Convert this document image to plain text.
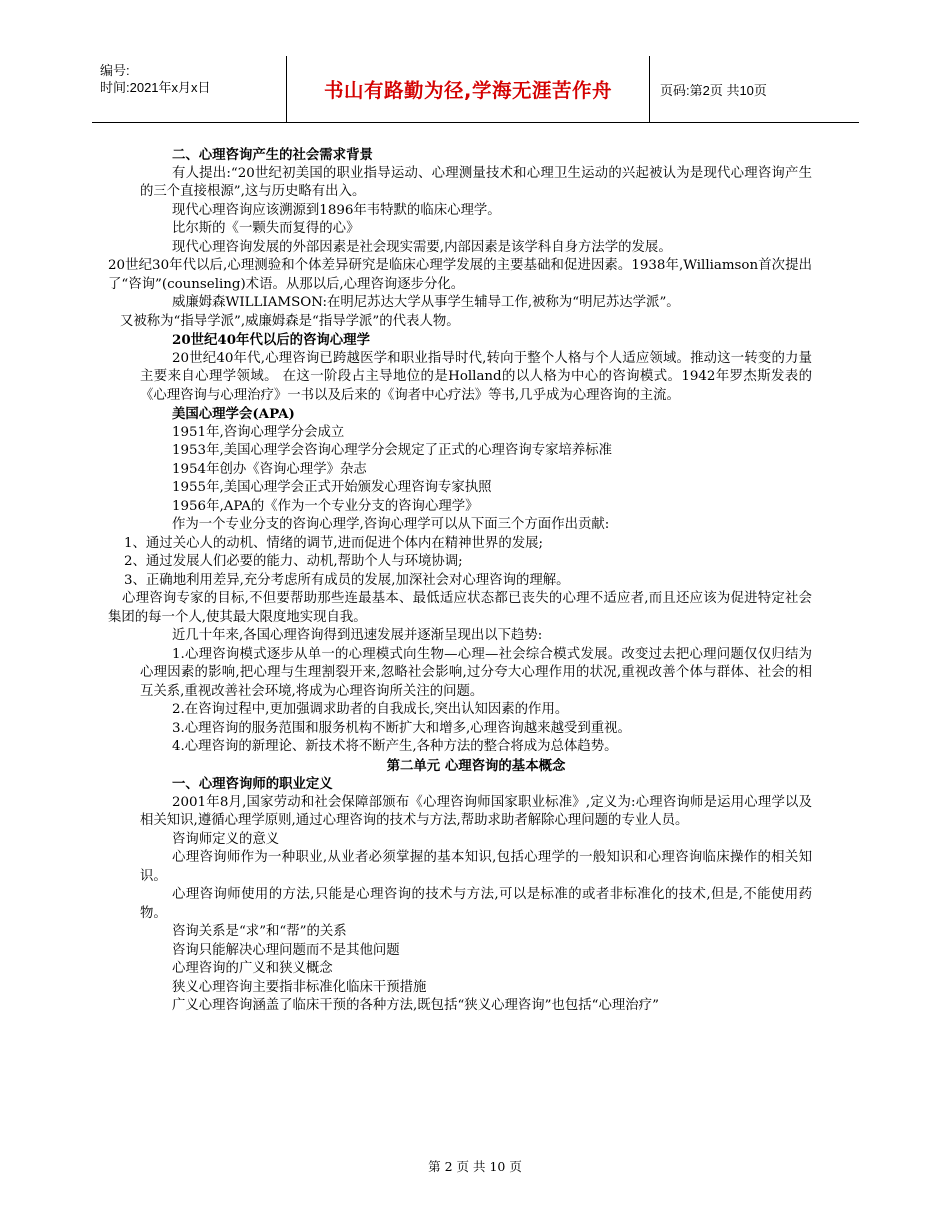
编号:
时间:2021年x月x日	书山有路勤为径,学海无涯苦作舟	页码:第2页 共10页

二、心理咨询产生的社会需求背景

有人提出:“20世纪初美国的职业指导运动、心理测量技术和心理卫生运动的兴起被认为是现代心理咨询产生的三个直接根源”,这与历史略有出入。

现代心理咨询应该溯源到1896年韦特默的临床心理学。

比尔斯的《一颗失而复得的心》

现代心理咨询发展的外部因素是社会现实需要,内部因素是该学科自身方法学的发展。

20世纪30年代以后,心理测验和个体差异研究是临床心理学发展的主要基础和促进因素。1938年,Williamson首次提出了“咨询”(counseling)术语。从那以后,心理咨询逐步分化。

威廉姆森WILLIAMSON:在明尼苏达大学从事学生辅导工作,被称为“明尼苏达学派”。

又被称为“指导学派”,威廉姆森是“指导学派”的代表人物。

20世纪40年代以后的咨询心理学

20世纪40年代,心理咨询已跨越医学和职业指导时代,转向于整个人格与个人适应领域。推动这一转变的力量主要来自心理学领域。 在这一阶段占主导地位的是Holland的以人格为中心的咨询模式。1942年罗杰斯发表的《心理咨询与心理治疗》一书以及后来的《询者中心疗法》等书,几乎成为心理咨询的主流。

美国心理学会(APA)

1951年,咨询心理学分会成立

1953年,美国心理学会咨询心理学分会规定了正式的心理咨询专家培养标准

1954年创办《咨询心理学》杂志

1955年,美国心理学会正式开始颁发心理咨询专家执照

1956年,APA的《作为一个专业分支的咨询心理学》

作为一个专业分支的咨询心理学,咨询心理学可以从下面三个方面作出贡献:

1、通过关心人的动机、情绪的调节,进而促进个体内在精神世界的发展;

2、通过发展人们必要的能力、动机,帮助个人与环境协调;

3、正确地利用差异,充分考虑所有成员的发展,加深社会对心理咨询的理解。

心理咨询专家的目标,不但要帮助那些连最基本、最低适应状态都已丧失的心理不适应者,而且还应该为促进特定社会集团的每一个人,使其最大限度地实现自我。

近几十年来,各国心理咨询得到迅速发展并逐渐呈现出以下趋势:

1.心理咨询模式逐步从单一的心理模式向生物—心理—社会综合模式发展。改变过去把心理问题仅仅归结为心理因素的影响,把心理与生理割裂开来,忽略社会影响,过分夸大心理作用的状况,重视改善个体与群体、社会的相互关系,重视改善社会环境,将成为心理咨询所关注的问题。

2.在咨询过程中,更加强调求助者的自我成长,突出认知因素的作用。

3.心理咨询的服务范围和服务机构不断扩大和增多,心理咨询越来越受到重视。

4.心理咨询的新理论、新技术将不断产生,各种方法的整合将成为总体趋势。

第二单元 心理咨询的基本概念

一、心理咨询师的职业定义

2001年8月,国家劳动和社会保障部颁布《心理咨询师国家职业标准》,定义为:心理咨询师是运用心理学以及相关知识,遵循心理学原则,通过心理咨询的技术与方法,帮助求助者解除心理问题的专业人员。

咨询师定义的意义

心理咨询师作为一种职业,从业者必须掌握的基本知识,包括心理学的一般知识和心理咨询临床操作的相关知识。

心理咨询师使用的方法,只能是心理咨询的技术与方法,可以是标准的或者非标准化的技术,但是,不能使用药物。

咨询关系是“求”和“帮”的关系

咨询只能解决心理问题而不是其他问题

心理咨询的广义和狭义概念

狭义心理咨询主要指非标准化临床干预措施

广义心理咨询涵盖了临床干预的各种方法,既包括“狭义心理咨询”也包括“心理治疗”

第 2 页 共 10 页
